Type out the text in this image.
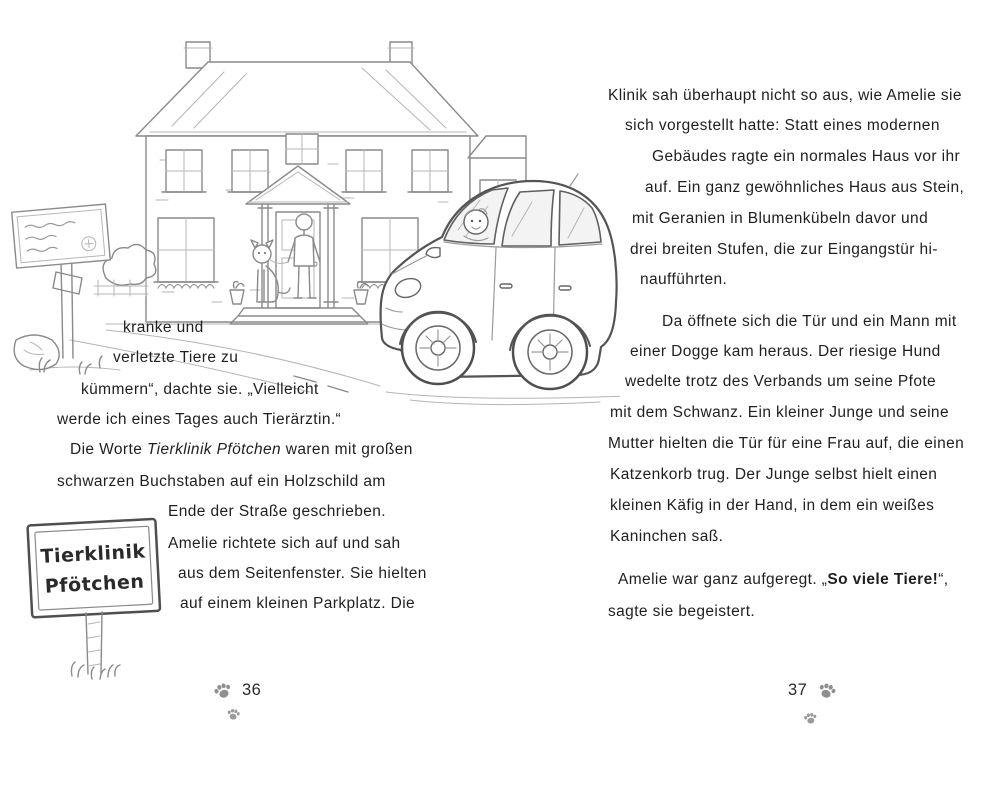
Tierklinik
Pfötchen
kranke und
verletzte Tiere zu
kümmern“, dachte sie. „Vielleicht
werde ich eines Tages auch Tierärztin.“
Die Worte Tierklinik Pfötchen waren mit großen
schwarzen Buchstaben auf ein Holzschild am
Ende der Straße geschrieben.
Amelie richtete sich auf und sah
aus dem Seitenfenster. Sie hielten
auf einem kleinen Parkplatz. Die
36
Klinik sah überhaupt nicht so aus, wie Amelie sie
sich vorgestellt hatte: Statt eines modernen
Gebäudes ragte ein normales Haus vor ihr
auf. Ein ganz gewöhnliches Haus aus Stein,
mit Geranien in Blumenkübeln davor und
drei breiten Stufen, die zur Eingangstür hi-
naufführten.
Da öffnete sich die Tür und ein Mann mit
einer Dogge kam heraus. Der riesige Hund
wedelte trotz des Verbands um seine Pfote
mit dem Schwanz. Ein kleiner Junge und seine
Mutter hielten die Tür für eine Frau auf, die einen
Katzenkorb trug. Der Junge selbst hielt einen
kleinen Käfig in der Hand, in dem ein weißes
Kaninchen saß.
Amelie war ganz aufgeregt. „So viele Tiere!“,
sagte sie begeistert.
37
